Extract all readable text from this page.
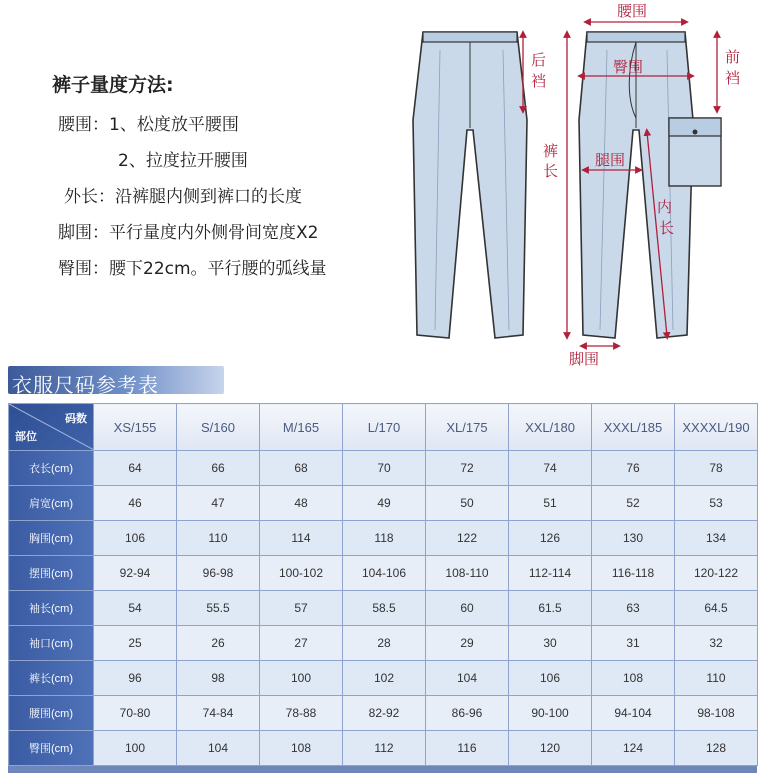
裤子量度方法:
腰围：1、松度放平腰围
2、拉度拉开腰围
外长：沿裤腿内侧到裤口的长度
脚围：平行量度内外侧骨间宽度X2
臀围：腰下22cm。平行腰的弧线量
后
裆
腰围
臀围
前
裆
裤
长
腿围
内
长
脚围
衣服尺码参考表
码数
部位	XS/155	S/160	M/165	L/170	XL/175	XXL/180	XXXL/185	XXXXL/190
衣长(cm)	64	66	68	70	72	74	76	78
肩宽(cm)	46	47	48	49	50	51	52	53
胸围(cm)	106	110	114	118	122	126	130	134
摆围(cm)	92-94	96-98	100-102	104-106	108-110	112-114	116-118	120-122
袖长(cm)	54	55.5	57	58.5	60	61.5	63	64.5
袖口(cm)	25	26	27	28	29	30	31	32
裤长(cm)	96	98	100	102	104	106	108	110
腰围(cm)	70-80	74-84	78-88	82-92	86-96	90-100	94-104	98-108
臀围(cm)	100	104	108	112	116	120	124	128
